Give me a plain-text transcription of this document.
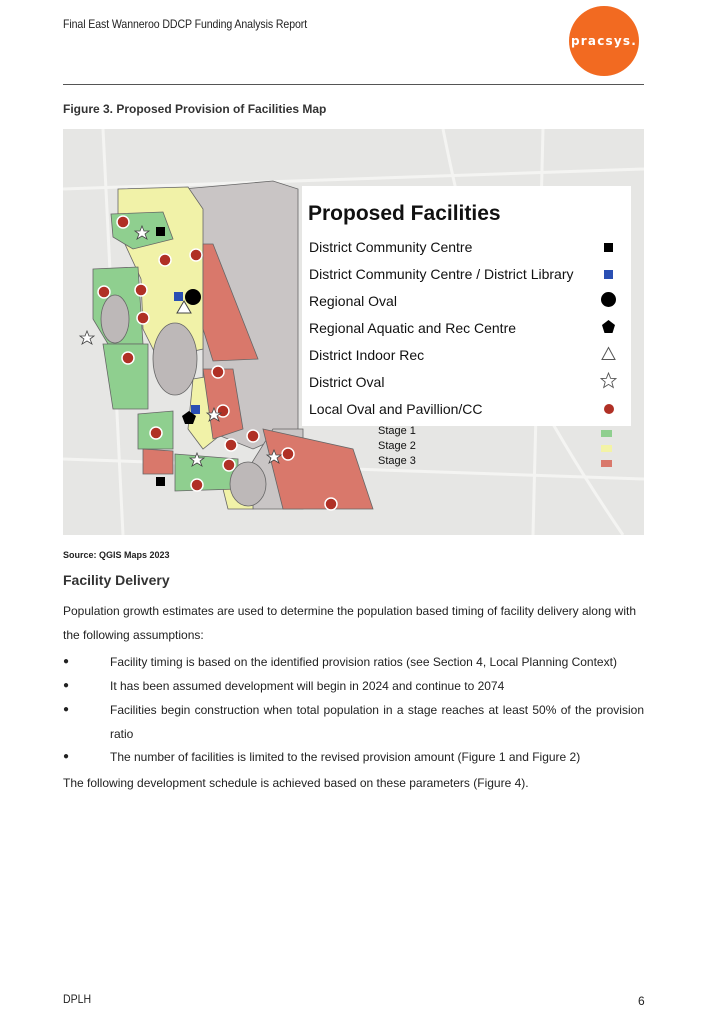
Final East Wanneroo DDCP Funding Analysis Report
pracsys.
Figure 3. Proposed Provision of Facilities Map
Proposed Facilities
District Community Centre
District Community Centre / District Library
Regional Oval
Regional Aquatic and Rec Centre
District Indoor Rec
District Oval
Local Oval and Pavillion/CC
Stage 1
Stage 2
Stage 3
Source: QGIS Maps 2023
Facility Delivery
Population growth estimates are used to determine the population based timing of facility delivery along with the following assumptions:
●	Facility timing is based on the identified provision ratios (see Section 4, Local Planning Context)
●	It has been assumed development will begin in 2024 and continue to 2074
●	Facilities begin construction when total population in a stage reaches at least 50% of the provision ratio
●	The number of facilities is limited to the revised provision amount (Figure 1 and Figure 2)
The following development schedule is achieved based on these parameters (Figure 4).
DPLH	6
